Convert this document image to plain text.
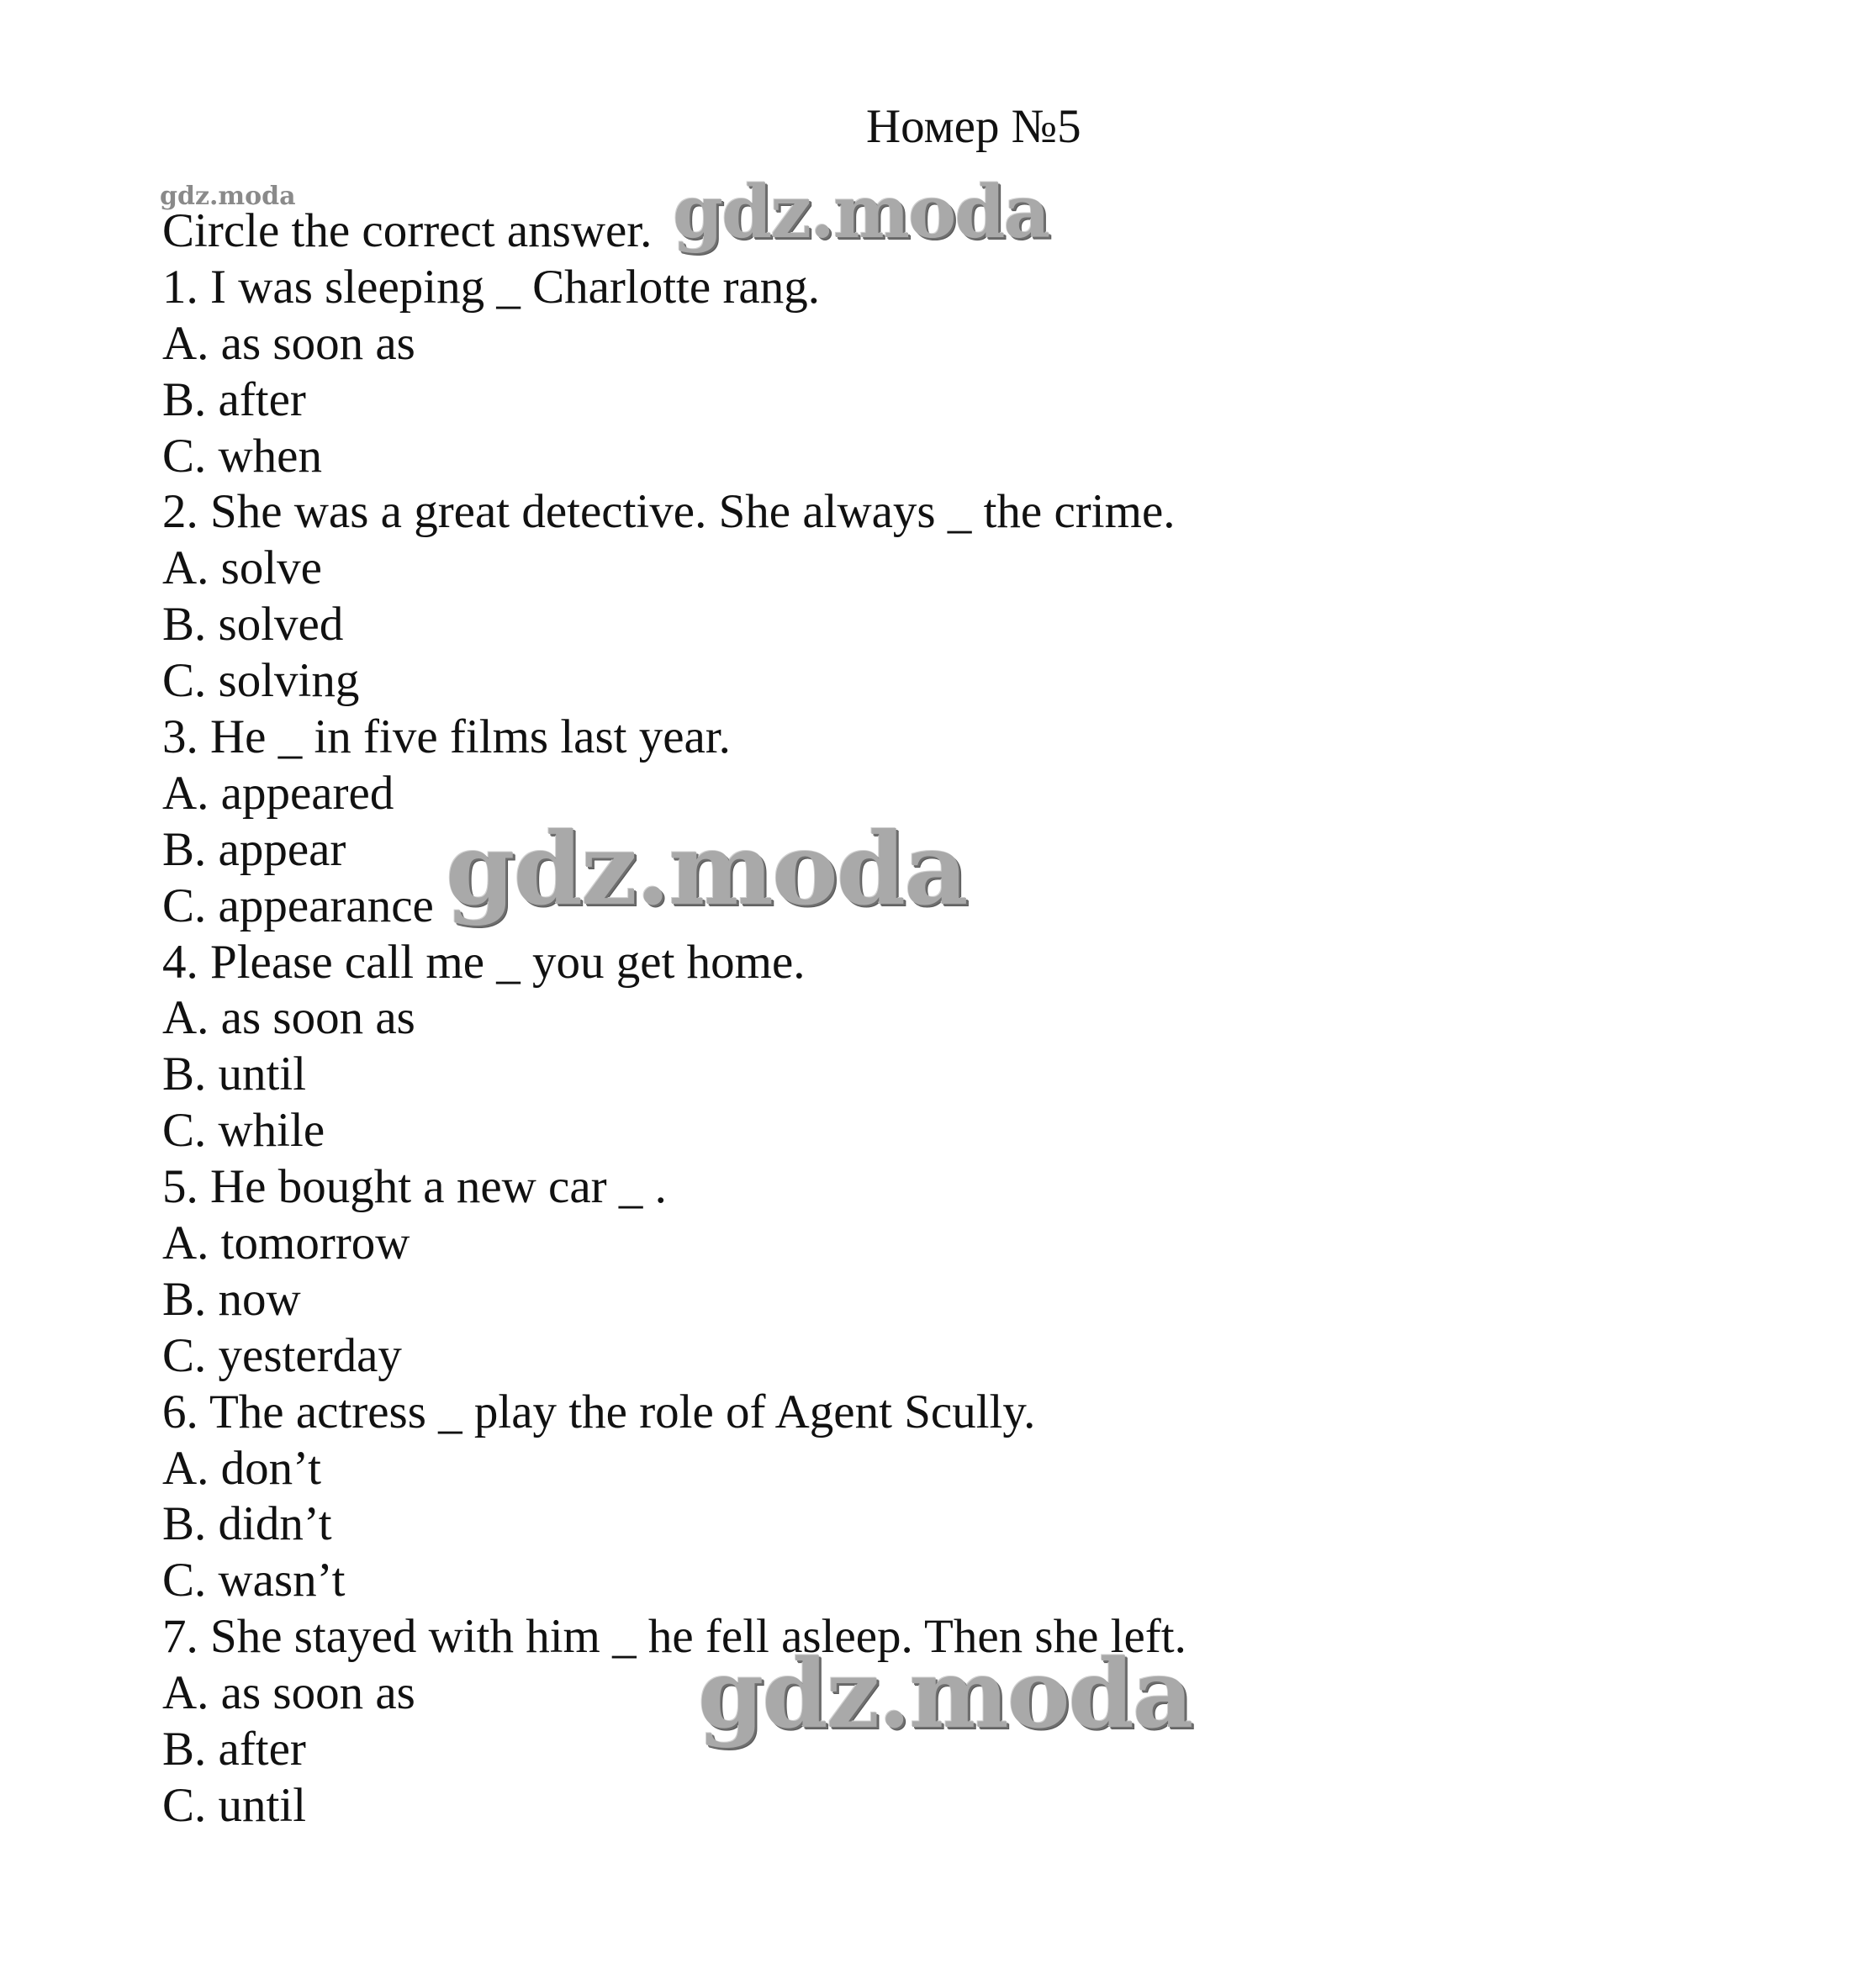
Номер №5
gdz.moda
Circle the correct answer.
1. I was sleeping _ Charlotte rang.
A. as soon as
B. after
C. when
2. She was a great detective. She always _ the crime.
A. solve
B. solved
C. solving
3. He _ in five films last year.
A. appeared
B. appear
C. appearance
4. Please call me _ you get home.
A. as soon as
B. until
C. while
5. He bought a new car _ .
A. tomorrow
B. now
C. yesterday
6. The actress _ play the role of Agent Scully.
A. don’t
B. didn’t
C. wasn’t
7. She stayed with him _ he fell asleep. Then she left.
A. as soon as
B. after
C. until
gdz.moda
gdz.moda
gdz.moda
